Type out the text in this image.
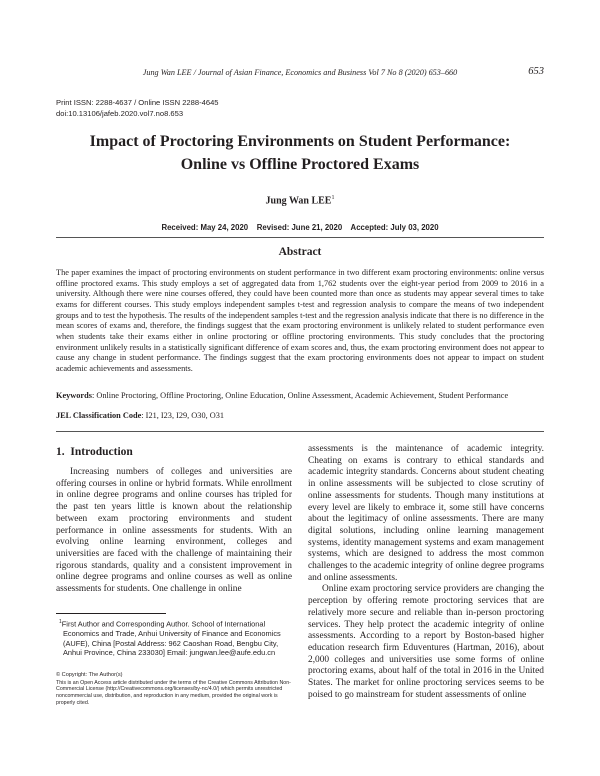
Jung Wan LEE / Journal of Asian Finance, Economics and Business Vol 7 No 8 (2020) 653–660	653
Print ISSN: 2288-4637 / Online ISSN 2288-4645
doi:10.13106/jafeb.2020.vol7.no8.653
Impact of Proctoring Environments on Student Performance:
Online vs Offline Proctored Exams
Jung Wan LEE$^1$
Received: May 24, 2020    Revised: June 21, 2020    Accepted: July 03, 2020
Abstract
The paper examines the impact of proctoring environments on student performance in two different exam proctoring environments: online versus offline proctored exams. This study employs a set of aggregated data from 1,762 students over the eight-year period from 2009 to 2016 in a university. Although there were nine courses offered, they could have been counted more than once as students may appear several times to take exams for different courses. This study employs independent samples t-test and regression analysis to compare the means of two independent groups and to test the hypothesis. The results of the independent samples t-test and the regression analysis indicate that there is no difference in the mean scores of exams and, therefore, the findings suggest that the exam proctoring environment is unlikely related to student performance even when students take their exams either in online proctoring or offline proctoring environments. This study concludes that the proctoring environment unlikely results in a statistically significant difference of exam scores and, thus, the exam proctoring environment does not appear to cause any change in student performance. The findings suggest that the exam proctoring environments does not appear to impact on student academic achievements and assessments.
Keywords: Online Proctoring, Offline Proctoring, Online Education, Online Assessment, Academic Achievement, Student Performance
JEL Classification Code: I21, I23, I29, O30, O31
1.  Introduction

Increasing numbers of colleges and universities are offering courses in online or hybrid formats. While enrollment in online degree programs and online courses has tripled for the past ten years little is known about the relationship between exam proctoring environments and student performance in online assessments for students. With an evolving online learning environment, colleges and universities are faced with the challenge of maintaining their rigorous standards, quality and a consistent improvement in online degree programs and online courses as well as online assessments for students. One challenge in online

assessments is the maintenance of academic integrity. Cheating on exams is contrary to ethical standards and academic integrity standards. Concerns about student cheating in online assessments will be subjected to close scrutiny of online assessments for students. Though many institutions at every level are likely to embrace it, some still have concerns about the legitimacy of online assessments. There are many digital solutions, including online learning management systems, identity management systems and exam management systems, which are designed to address the most common challenges to the academic integrity of online degree programs and online assessments.

Online exam proctoring service providers are changing the perception by offering remote proctoring services that are relatively more secure and reliable than in-person proctoring services. They help protect the academic integrity of online assessments. According to a report by Boston-based higher education research firm Eduventures (Hartman, 2016), about 2,000 colleges and universities use some forms of online proctoring exams, about half of the total in 2016 in the United States. The market for online proctoring services seems to be poised to go mainstream for student assessments of online

$^1$First Author and Corresponding Author. School of International Economics and Trade, Anhui University of Finance and Economics (AUFE), China [Postal Address: 962 Caoshan Road, Bengbu City, Anhui Province, China 233030] Email: jungwan.lee@aufe.edu.cn
© Copyright: The Author(s)
This is an Open Access article distributed under the terms of the Creative Commons Attribution Non-Commercial License (http://Creativecommons.org/licenses/by-nc/4.0/) which permits unrestricted noncommercial use, distribution, and reproduction in any medium, provided the original work is properly cited.
